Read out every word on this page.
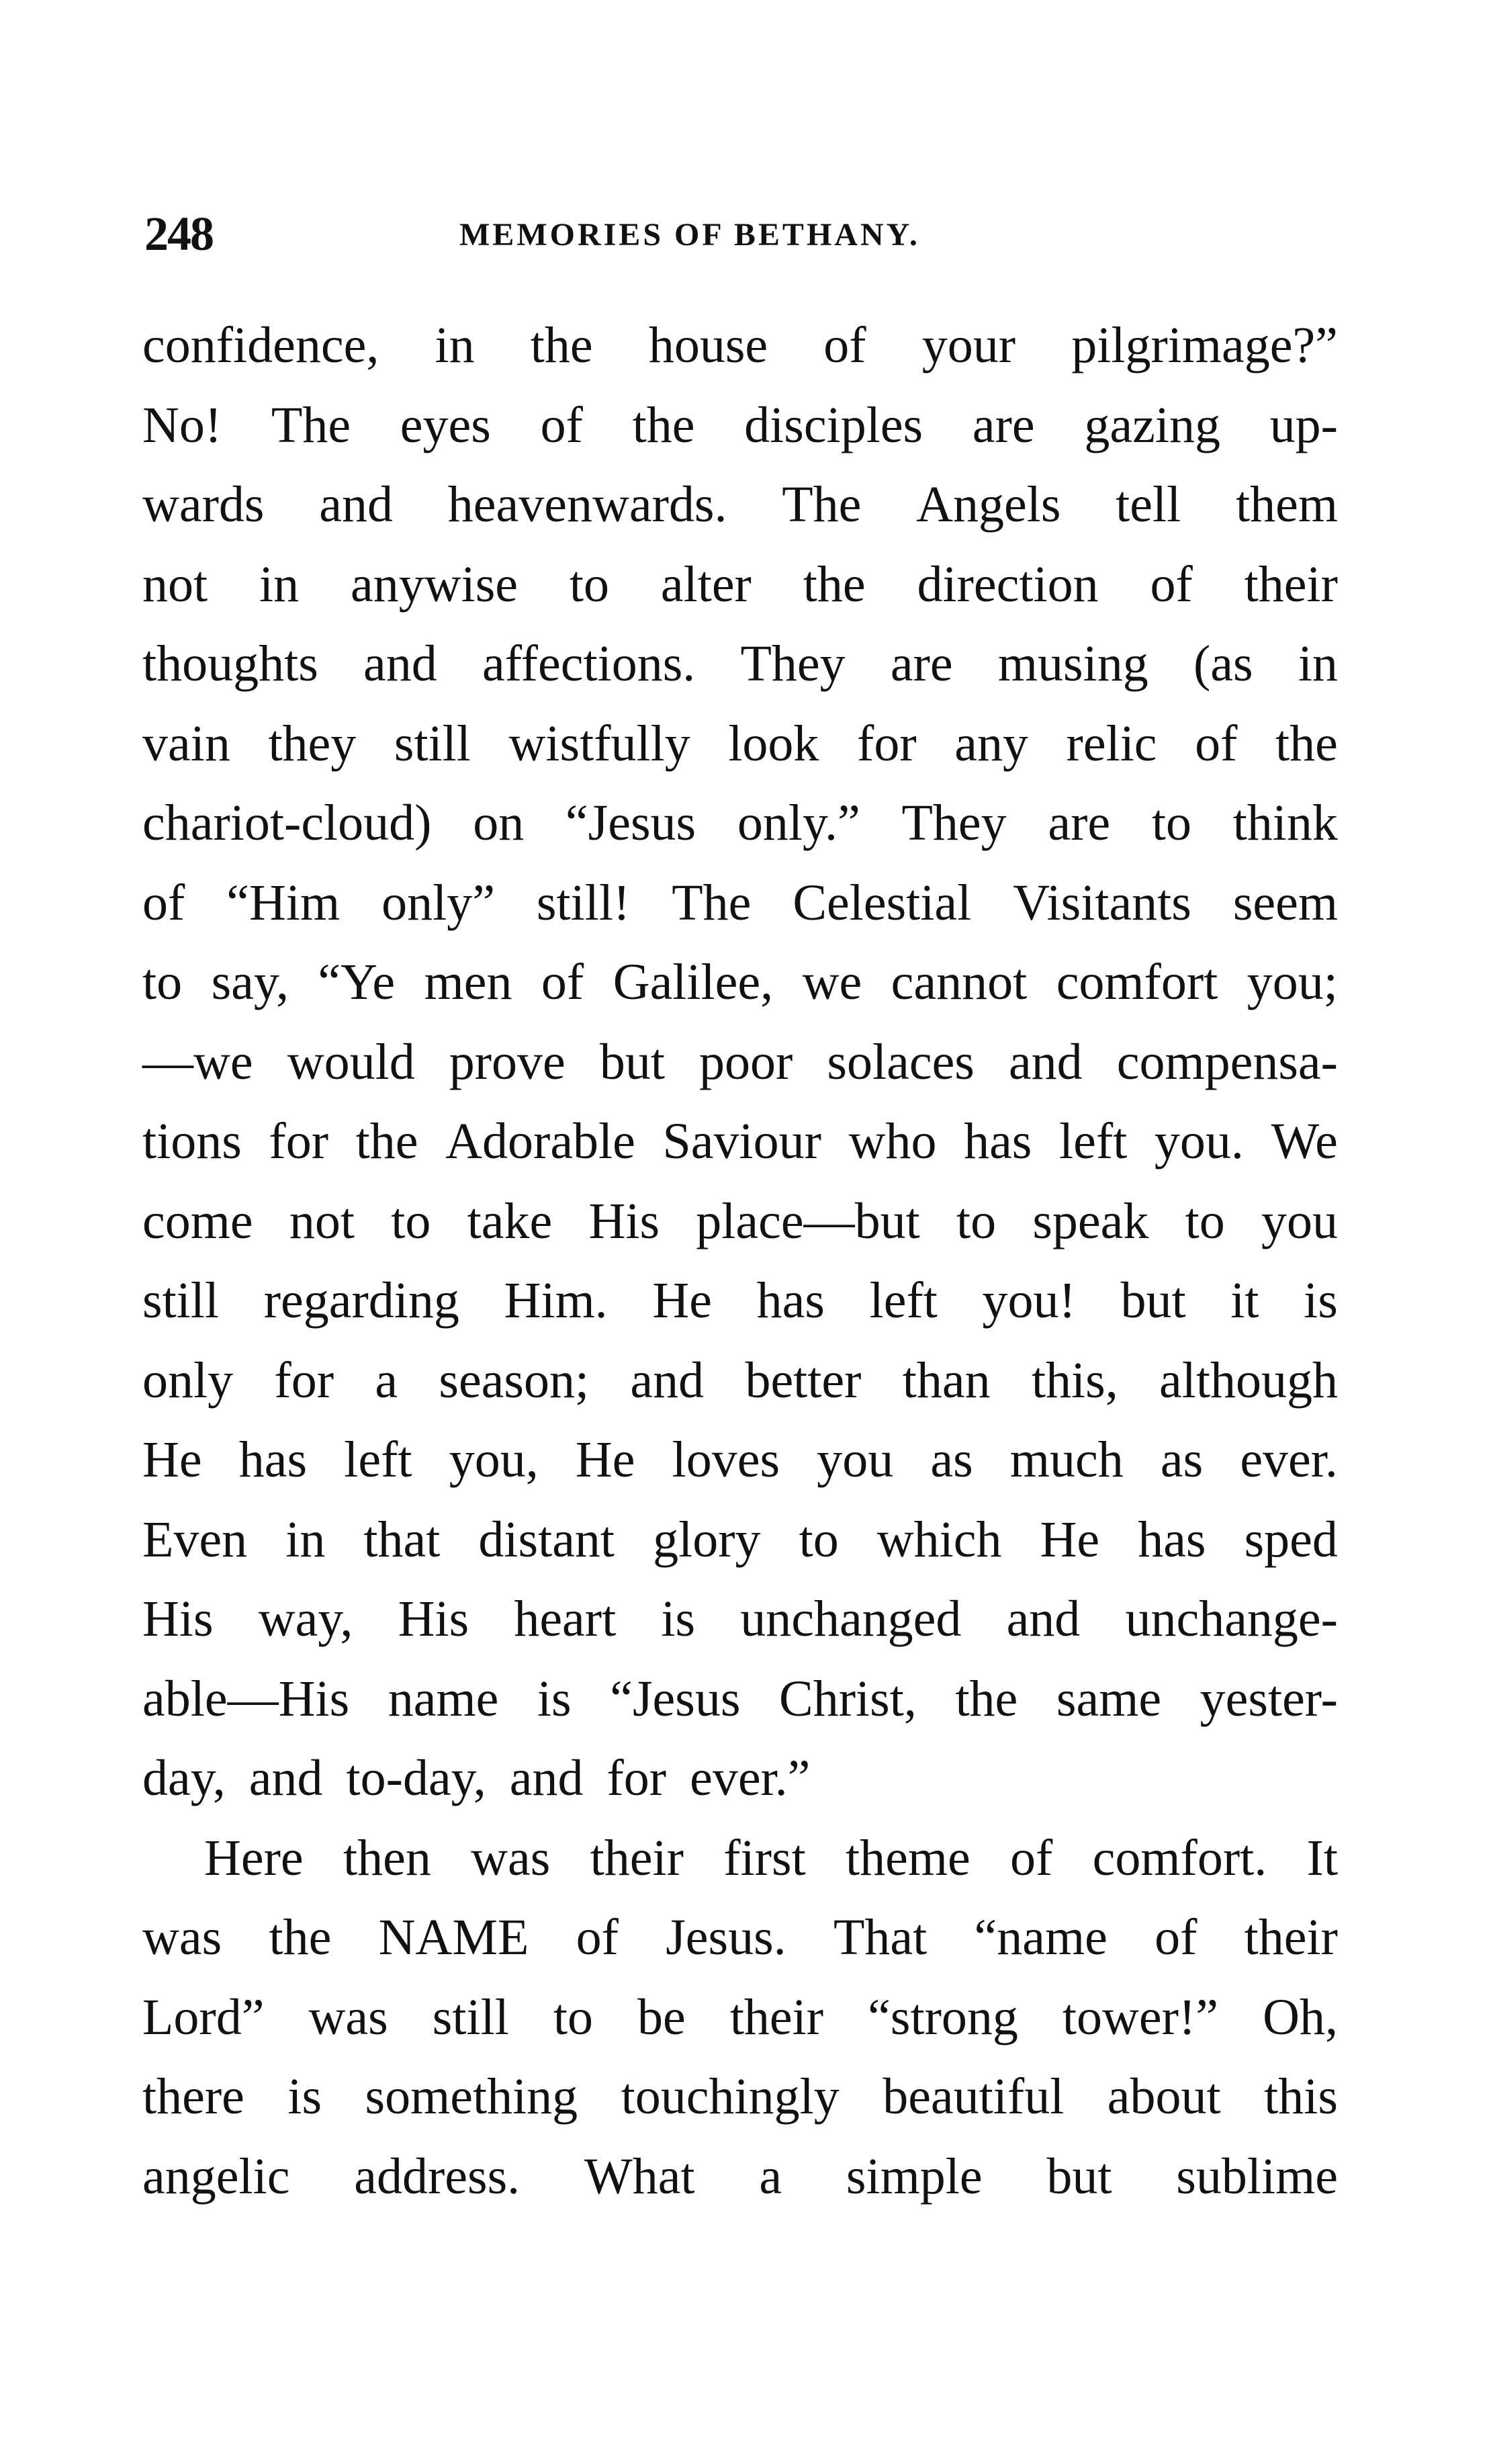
248	MEMORIES OF BETHANY.
confidence, in the house of your pilgrimage?”
No! The eyes of the disciples are gazing up-
wards and heavenwards. The Angels tell them
not in anywise to alter the direction of their
thoughts and affections. They are musing (as in
vain they still wistfully look for any relic of the
chariot-cloud) on “Jesus only.” They are to think
of “Him only” still! The Celestial Visitants seem
to say, “Ye men of Galilee, we cannot comfort you;
—we would prove but poor solaces and compensa-
tions for the Adorable Saviour who has left you. We
come not to take His place—but to speak to you
still regarding Him. He has left you! but it is
only for a season; and better than this, although
He has left you, He loves you as much as ever.
Even in that distant glory to which He has sped
His way, His heart is unchanged and unchange-
able—His name is “Jesus Christ, the same yester-
day, and to-day, and for ever.”
Here then was their first theme of comfort. It
was the NAME of Jesus. That “name of their
Lord” was still to be their “strong tower!” Oh,
there is something touchingly beautiful about this
angelic address. What a simple but sublime
